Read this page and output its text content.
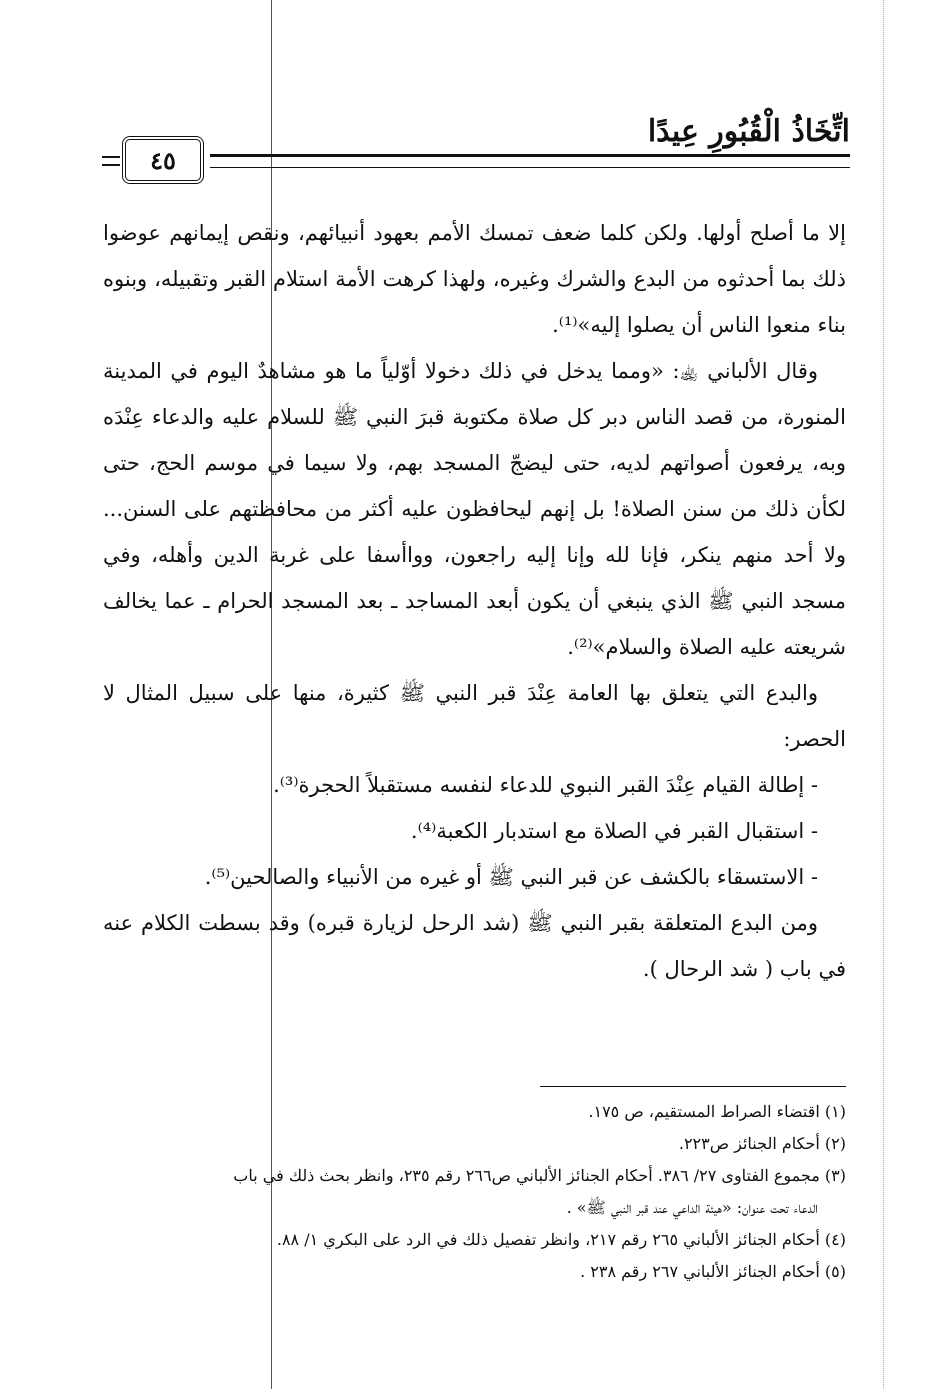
اتِّخَاذُ الْقُبُورِ عِيدًا
٤٥

إلا ما أصلح أولها. ولكن كلما ضعف تمسك الأمم بعهود أنبيائهم، ونقص إيمانهم عوضوا ذلك بما أحدثوه من البدع والشرك وغيره، ولهذا كرهت الأمة استلام القبر وتقبيله، وبنوه بناء منعوا الناس أن يصلوا إليه»⁽¹⁾.

وقال الألباني ﵀: «ومما يدخل في ذلك دخولا أوّلياً ما هو مشاهدٌ اليوم في المدينة المنورة، من قصد الناس دبر كل صلاة مكتوبة قبرَ النبي ﷺ للسلام عليه والدعاء عِنْدَه وبه، يرفعون أصواتهم لديه، حتى ليضجّ المسجد بهم، ولا سيما في موسم الحج، حتى لكأن ذلك من سنن الصلاة! بل إنهم ليحافظون عليه أكثر من محافظتهم على السنن... ولا أحد منهم ينكر، فإنا لله وإنا إليه راجعون، وواأسفا على غربة الدين وأهله، وفي مسجد النبي ﷺ الذي ينبغي أن يكون أبعد المساجد ـ بعد المسجد الحرام ـ عما يخالف شريعته عليه الصلاة والسلام»⁽²⁾.

والبدع التي يتعلق بها العامة عِنْدَ قبر النبي ﷺ كثيرة، منها على سبيل المثال لا الحصر:

- إطالة القيام عِنْدَ القبر النبوي للدعاء لنفسه مستقبلاً الحجرة⁽³⁾.

- استقبال القبر في الصلاة مع استدبار الكعبة⁽⁴⁾.

- الاستسقاء بالكشف عن قبر النبي ﷺ أو غيره من الأنبياء والصالحين⁽⁵⁾.

ومن البدع المتعلقة بقبر النبي ﷺ (شد الرحل لزيارة قبره) وقد بسطت الكلام عنه في باب ( شد الرحال ).

(١) اقتضاء الصراط المستقيم، ص ١٧٥.

(٢) أحكام الجنائز ص٢٢٣.

(٣) مجموع الفتاوى ٢٧/ ٣٨٦. أحكام الجنائز الألباني ص٢٦٦ رقم ٢٣٥، وانظر بحث ذلك في باب

الدعاء تحت عنوان: «هيئة الداعي عند قبر النبي ﷺ» .

(٤) أحكام الجنائز الألباني ٢٦٥ رقم ٢١٧، وانظر تفصيل ذلك في الرد على البكري ١/ ٨٨.

(٥) أحكام الجنائز الألباني ٢٦٧ رقم ٢٣٨ .
